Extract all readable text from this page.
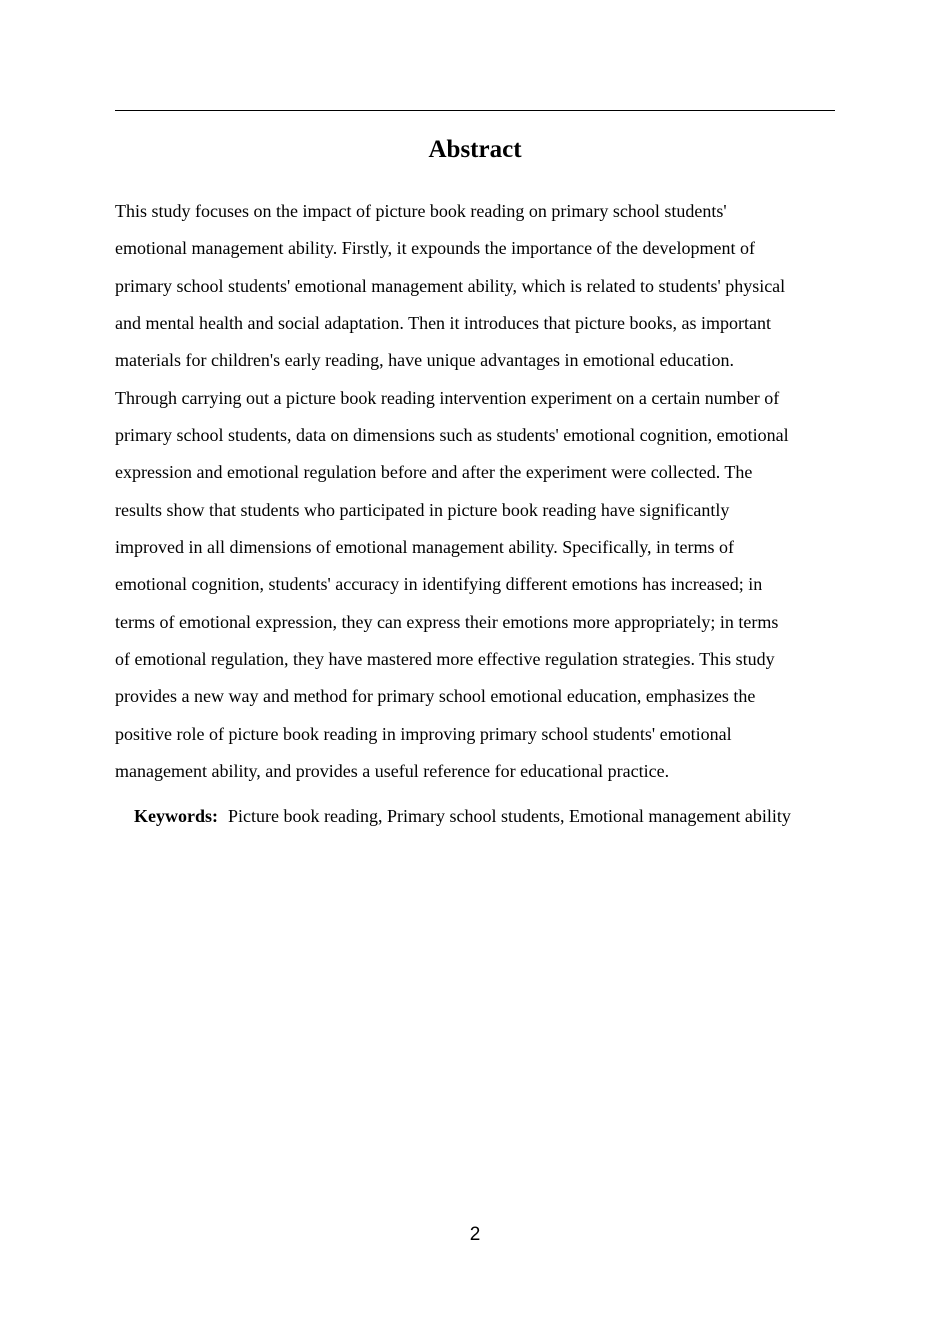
Abstract

This study focuses on the impact of picture book reading on primary school students'
emotional management ability. Firstly, it expounds the importance of the development of
primary school students' emotional management ability, which is related to students' physical
and mental health and social adaptation. Then it introduces that picture books, as important
materials for children's early reading, have unique advantages in emotional education.
Through carrying out a picture book reading intervention experiment on a certain number of
primary school students, data on dimensions such as students' emotional cognition, emotional
expression and emotional regulation before and after the experiment were collected. The
results show that students who participated in picture book reading have significantly
improved in all dimensions of emotional management ability. Specifically, in terms of
emotional cognition, students' accuracy in identifying different emotions has increased; in
terms of emotional expression, they can express their emotions more appropriately; in terms
of emotional regulation, they have mastered more effective regulation strategies. This study
provides a new way and method for primary school emotional education, emphasizes the
positive role of picture book reading in improving primary school students' emotional
management ability, and provides a useful reference for educational practice.

Keywords: Picture book reading, Primary school students, Emotional management ability

2
